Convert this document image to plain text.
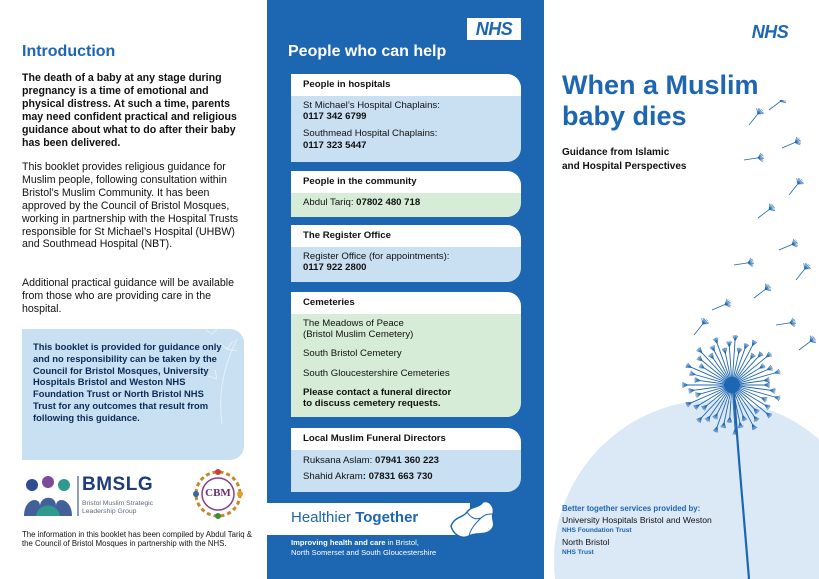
Introduction

The death of a baby at any stage during pregnancy is a time of emotional and physical distress. At such a time, parents may need confident practical and religious guidance about what to do after their baby has been delivered.

This booklet provides religious guidance for Muslim people, following consultation within Bristol’s Muslim Community. It has been approved by the Council of Bristol Mosques, working in partnership with the Hospital Trusts responsible for St Michael’s Hospital (UHBW) and Southmead Hospital (NBT).

Additional practical guidance will be available from those who are providing care in the hospital.

This booklet is provided for guidance only and no responsibility can be taken by the Council for Bristol Mosques, University Hospitals Bristol and Weston NHS Foundation Trust or North Bristol NHS Trust for any outcomes that result from following this guidance.

BMSLG
Bristol Muslim Strategic Leadership Group
CBM

The information in this booklet has been compiled by Abdul Tariq & the Council of Bristol Mosques in partnership with the NHS.

NHS
People who can help
People in hospitals
St Michael’s Hospital Chaplains:
0117 342 6799
Southmead Hospital Chaplains:
0117 323 5447
People in the community
Abdul Tariq: 07802 480 718
The Register Office
Register Office (for appointments):
0117 922 2800
Cemeteries
The Meadows of Peace
(Bristol Muslim Cemetery)
South Bristol Cemetery
South Gloucestershire Cemeteries
Please contact a funeral director
to discuss cemetery requests.
Local Muslim Funeral Directors
Ruksana Aslam: 07941 360 223
Shahid Akram: 07831 663 730
Healthier Together
Improving health and care in Bristol,
North Somerset and South Gloucestershire
NHS
When a Muslim baby dies
Guidance from Islamic
and Hospital Perspectives
Better together services provided by:
University Hospitals Bristol and Weston
NHS Foundation Trust
North Bristol
NHS Trust
